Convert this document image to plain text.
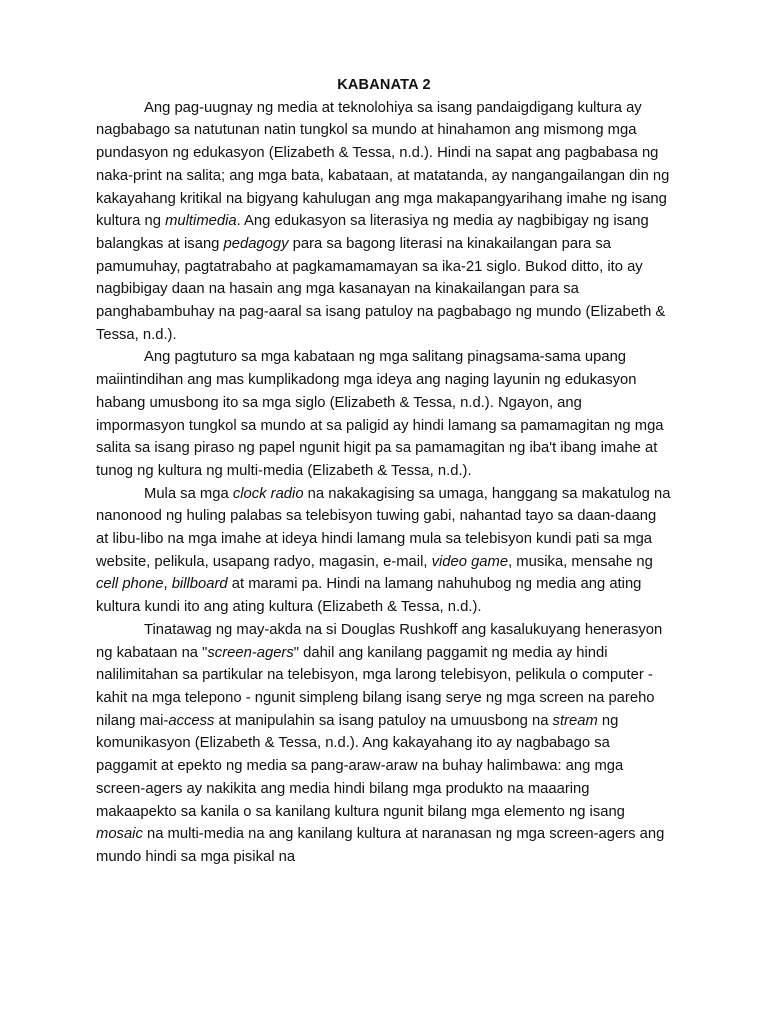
KABANATA 2

Ang pag-uugnay ng media at teknolohiya sa isang pandaigdigang kultura ay nagbabago sa natutunan natin tungkol sa mundo at hinahamon ang mismong mga pundasyon ng edukasyon (Elizabeth & Tessa, n.d.). Hindi na sapat ang pagbabasa ng naka-print na salita; ang mga bata, kabataan, at matatanda, ay nangangailangan din ng kakayahang kritikal na bigyang kahulugan ang mga makapangyarihang imahe ng isang kultura ng multimedia. Ang edukasyon sa literasiya ng media ay nagbibigay ng isang balangkas at isang pedagogy para sa bagong literasi na kinakailangan para sa pamumuhay, pagtatrabaho at pagkamamamayan sa ika-21 siglo. Bukod ditto, ito ay nagbibigay daan na hasain ang mga kasanayan na kinakailangan para sa panghabambuhay na pag-aaral sa isang patuloy na pagbabago ng mundo (Elizabeth & Tessa, n.d.).

Ang pagtuturo sa mga kabataan ng mga salitang pinagsama-sama upang maiintindihan ang mas kumplikadong mga ideya ang naging layunin ng edukasyon habang umusbong ito sa mga siglo (Elizabeth & Tessa, n.d.). Ngayon, ang impormasyon tungkol sa mundo at sa paligid ay hindi lamang sa pamamagitan ng mga salita sa isang piraso ng papel ngunit higit pa sa pamamagitan ng iba't ibang imahe at tunog ng kultura ng multi-media (Elizabeth & Tessa, n.d.).

Mula sa mga clock radio na nakakagising sa umaga, hanggang sa makatulog na nanonood ng huling palabas sa telebisyon tuwing gabi, nahantad tayo sa daan-daang at libu-libo na mga imahe at ideya hindi lamang mula sa telebisyon kundi pati sa mga website, pelikula, usapang radyo, magasin, e-mail, video game, musika, mensahe ng cell phone, billboard at marami pa. Hindi na lamang nahuhubog ng media ang ating kultura kundi ito ang ating kultura (Elizabeth & Tessa, n.d.).

Tinatawag ng may-akda na si Douglas Rushkoff ang kasalukuyang henerasyon ng kabataan na "screen-agers" dahil ang kanilang paggamit ng media ay hindi nalilimitahan sa partikular na telebisyon, mga larong telebisyon, pelikula o computer - kahit na mga telepono - ngunit simpleng bilang isang serye ng mga screen na pareho nilang mai-access at manipulahin sa isang patuloy na umuusbong na stream ng komunikasyon (Elizabeth & Tessa, n.d.). Ang kakayahang ito ay nagbabago sa paggamit at epekto ng media sa pang-araw-araw na buhay halimbawa: ang mga screen-agers ay nakikita ang media hindi bilang mga produkto na maaaring makaapekto sa kanila o sa kanilang kultura ngunit bilang mga elemento ng isang mosaic na multi-media na ang kanilang kultura at naranasan ng mga screen-agers ang mundo hindi sa mga pisikal na
